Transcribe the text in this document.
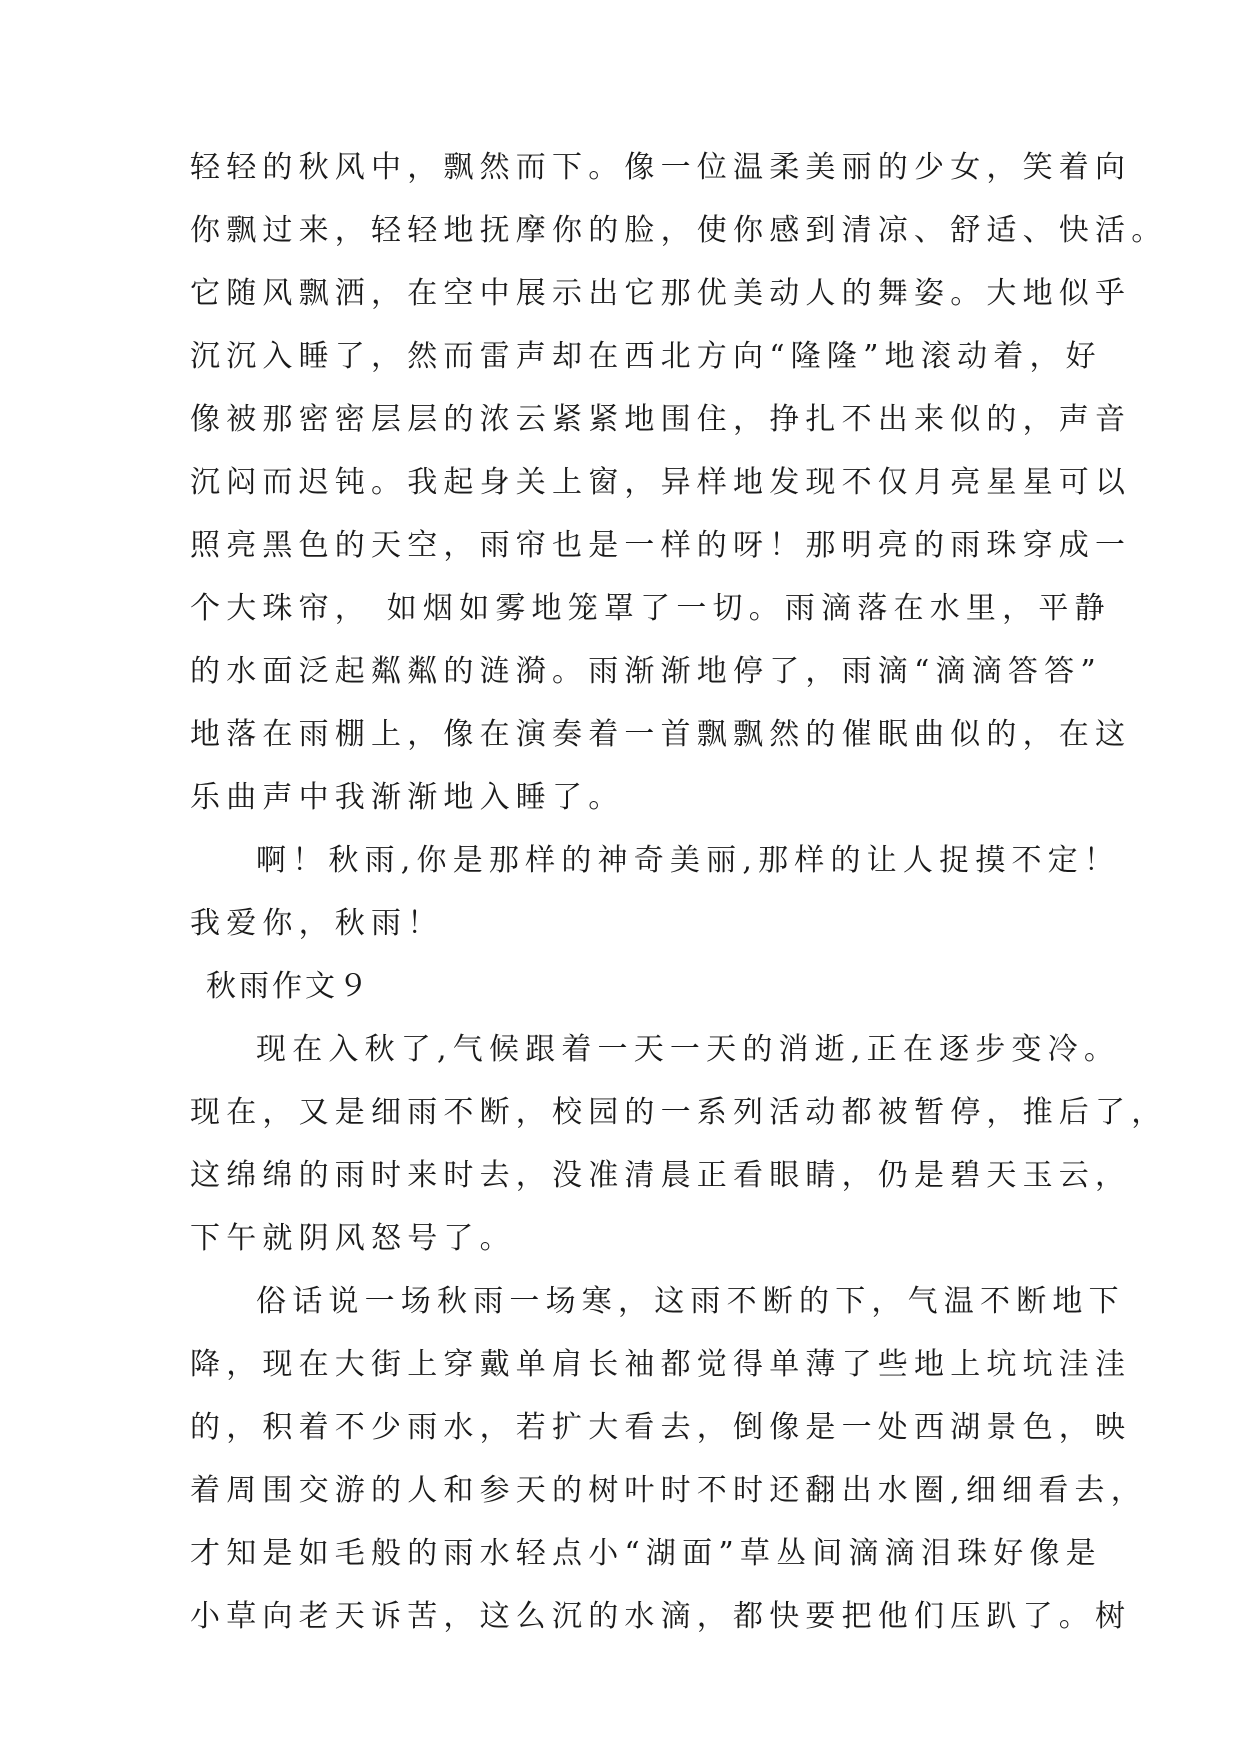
轻轻的秋风中，飘然而下。像一位温柔美丽的少女，笑着向
你飘过来，轻轻地抚摩你的脸，使你感到清凉、舒适、快活。
它随风飘洒，在空中展示出它那优美动人的舞姿。大地似乎
沉沉入睡了，然而雷声却在西北方向“隆隆”地滚动着，好
像被那密密层层的浓云紧紧地围住，挣扎不出来似的，声音
沉闷而迟钝。我起身关上窗，异样地发现不仅月亮星星可以
照亮黑色的天空，雨帘也是一样的呀！那明亮的雨珠穿成一
个大珠帘， 如烟如雾地笼罩了一切。雨滴落在水里，平静
的水面泛起粼粼的涟漪。雨渐渐地停了，雨滴“滴滴答答”
地落在雨棚上，像在演奏着一首飘飘然的催眠曲似的，在这
乐曲声中我渐渐地入睡了。
啊！秋雨,你是那样的神奇美丽,那样的让人捉摸不定！
我爱你，秋雨！
秋雨作文９
现在入秋了,气候跟着一天一天的消逝,正在逐步变冷。
现在，又是细雨不断，校园的一系列活动都被暂停，推后了，
这绵绵的雨时来时去，没准清晨正看眼睛，仍是碧天玉云，
下午就阴风怒号了。
俗话说一场秋雨一场寒，这雨不断的下，气温不断地下
降，现在大街上穿戴单肩长袖都觉得单薄了些地上坑坑洼洼
的，积着不少雨水，若扩大看去，倒像是一处西湖景色，映
着周围交游的人和参天的树叶时不时还翻出水圈,细细看去，
才知是如毛般的雨水轻点小“湖面”草丛间滴滴泪珠好像是
小草向老天诉苦，这么沉的水滴，都快要把他们压趴了。树
